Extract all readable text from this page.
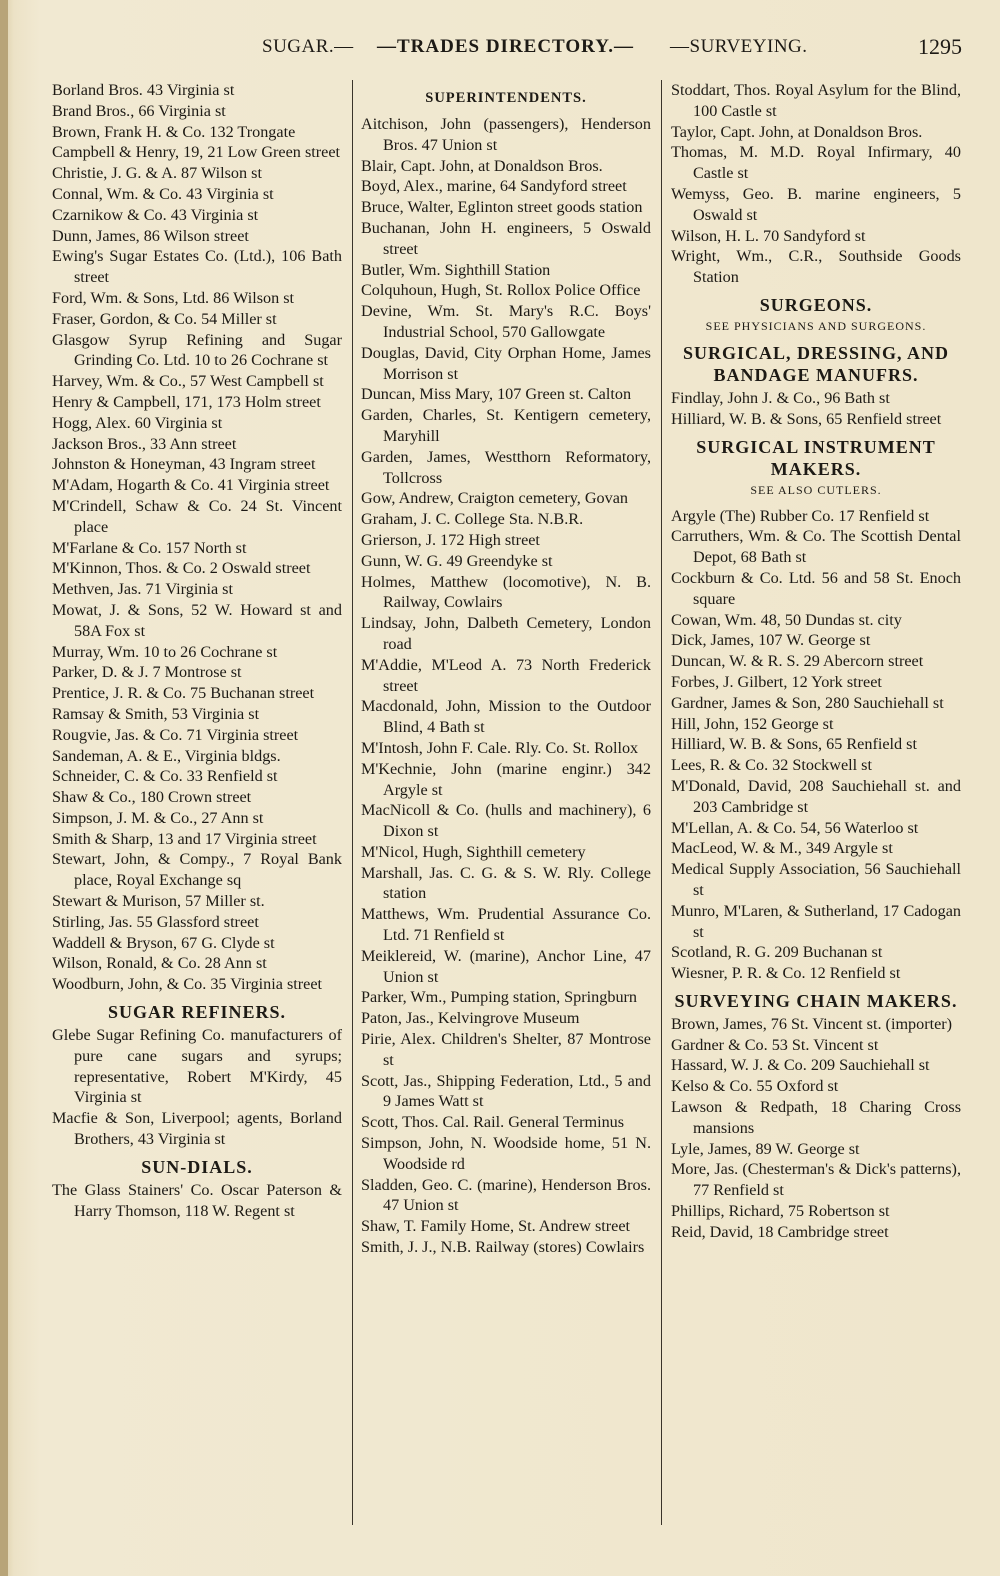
SUGAR.— —TRADES DIRECTORY.— —SURVEYING.	1295

Borland Bros. 43 Virginia st

Brand Bros., 66 Virginia st

Brown, Frank H. & Co. 132 Trongate

Campbell & Henry, 19, 21 Low Green street

Christie, J. G. & A. 87 Wilson st

Connal, Wm. & Co. 43 Virginia st

Czarnikow & Co. 43 Virginia st

Dunn, James, 86 Wilson street

Ewing's Sugar Estates Co. (Ltd.), 106 Bath street

Ford, Wm. & Sons, Ltd. 86 Wilson st

Fraser, Gordon, & Co. 54 Miller st

Glasgow Syrup Refining and Sugar Grinding Co. Ltd. 10 to 26 Cochrane st

Harvey, Wm. & Co., 57 West Campbell st

Henry & Campbell, 171, 173 Holm street

Hogg, Alex. 60 Virginia st

Jackson Bros., 33 Ann street

Johnston & Honeyman, 43 Ingram street

M'Adam, Hogarth & Co. 41 Virginia street

M'Crindell, Schaw & Co. 24 St. Vincent place

M'Farlane & Co. 157 North st

M'Kinnon, Thos. & Co. 2 Oswald street

Methven, Jas. 71 Virginia st

Mowat, J. & Sons, 52 W. Howard st and 58A Fox st

Murray, Wm. 10 to 26 Cochrane st

Parker, D. & J. 7 Montrose st

Prentice, J. R. & Co. 75 Buchanan street

Ramsay & Smith, 53 Virginia st

Rougvie, Jas. & Co. 71 Virginia street

Sandeman, A. & E., Virginia bldgs.

Schneider, C. & Co. 33 Renfield st

Shaw & Co., 180 Crown street

Simpson, J. M. & Co., 27 Ann st

Smith & Sharp, 13 and 17 Virginia street

Stewart, John, & Compy., 7 Royal Bank place, Royal Exchange sq

Stewart & Murison, 57 Miller st.

Stirling, Jas. 55 Glassford street

Waddell & Bryson, 67 G. Clyde st

Wilson, Ronald, & Co. 28 Ann st

Woodburn, John, & Co. 35 Virginia street

SUGAR REFINERS.

Glebe Sugar Refining Co. manufacturers of pure cane sugars and syrups; representative, Robert M'Kirdy, 45 Virginia st

Macfie & Son, Liverpool; agents, Borland Brothers, 43 Virginia st

SUN-DIALS.

The Glass Stainers' Co. Oscar Paterson & Harry Thomson, 118 W. Regent st

SUPERINTENDENTS.

Aitchison, John (passengers), Henderson Bros. 47 Union st

Blair, Capt. John, at Donaldson Bros.

Boyd, Alex., marine, 64 Sandyford street

Bruce, Walter, Eglinton street goods station

Buchanan, John H. engineers, 5 Oswald street

Butler, Wm. Sighthill Station

Colquhoun, Hugh, St. Rollox Police Office

Devine, Wm. St. Mary's R.C. Boys' Industrial School, 570 Gallowgate

Douglas, David, City Orphan Home, James Morrison st

Duncan, Miss Mary, 107 Green st. Calton

Garden, Charles, St. Kentigern cemetery, Maryhill

Garden, James, Westthorn Reformatory, Tollcross

Gow, Andrew, Craigton cemetery, Govan

Graham, J. C. College Sta. N.B.R.

Grierson, J. 172 High street

Gunn, W. G. 49 Greendyke st

Holmes, Matthew (locomotive), N. B. Railway, Cowlairs

Lindsay, John, Dalbeth Cemetery, London road

M'Addie, M'Leod A. 73 North Frederick street

Macdonald, John, Mission to the Outdoor Blind, 4 Bath st

M'Intosh, John F. Cale. Rly. Co. St. Rollox

M'Kechnie, John (marine enginr.) 342 Argyle st

MacNicoll & Co. (hulls and machinery), 6 Dixon st

M'Nicol, Hugh, Sighthill cemetery

Marshall, Jas. C. G. & S. W. Rly. College station

Matthews, Wm. Prudential Assurance Co. Ltd. 71 Renfield st

Meiklereid, W. (marine), Anchor Line, 47 Union st

Parker, Wm., Pumping station, Springburn

Paton, Jas., Kelvingrove Museum

Pirie, Alex. Children's Shelter, 87 Montrose st

Scott, Jas., Shipping Federation, Ltd., 5 and 9 James Watt st

Scott, Thos. Cal. Rail. General Terminus

Simpson, John, N. Woodside home, 51 N. Woodside rd

Sladden, Geo. C. (marine), Henderson Bros. 47 Union st

Shaw, T. Family Home, St. Andrew street

Smith, J. J., N.B. Railway (stores) Cowlairs

Stoddart, Thos. Royal Asylum for the Blind, 100 Castle st

Taylor, Capt. John, at Donaldson Bros.

Thomas, M. M.D. Royal Infirmary, 40 Castle st

Wemyss, Geo. B. marine engineers, 5 Oswald st

Wilson, H. L. 70 Sandyford st

Wright, Wm., C.R., Southside Goods Station

SURGEONS.

SEE PHYSICIANS AND SURGEONS.

SURGICAL, DRESSING, AND BANDAGE MANUFRS.

Findlay, John J. & Co., 96 Bath st

Hilliard, W. B. & Sons, 65 Renfield street

SURGICAL INSTRUMENT MAKERS.

SEE ALSO CUTLERS.

Argyle (The) Rubber Co. 17 Renfield st

Carruthers, Wm. & Co. The Scottish Dental Depot, 68 Bath st

Cockburn & Co. Ltd. 56 and 58 St. Enoch square

Cowan, Wm. 48, 50 Dundas st. city

Dick, James, 107 W. George st

Duncan, W. & R. S. 29 Abercorn street

Forbes, J. Gilbert, 12 York street

Gardner, James & Son, 280 Sauchiehall st

Hill, John, 152 George st

Hilliard, W. B. & Sons, 65 Renfield st

Lees, R. & Co. 32 Stockwell st

M'Donald, David, 208 Sauchiehall st. and 203 Cambridge st

M'Lellan, A. & Co. 54, 56 Waterloo st

MacLeod, W. & M., 349 Argyle st

Medical Supply Association, 56 Sauchiehall st

Munro, M'Laren, & Sutherland, 17 Cadogan st

Scotland, R. G. 209 Buchanan st

Wiesner, P. R. & Co. 12 Renfield st

SURVEYING CHAIN MAKERS.

Brown, James, 76 St. Vincent st. (importer)

Gardner & Co. 53 St. Vincent st

Hassard, W. J. & Co. 209 Sauchiehall st

Kelso & Co. 55 Oxford st

Lawson & Redpath, 18 Charing Cross mansions

Lyle, James, 89 W. George st

More, Jas. (Chesterman's & Dick's patterns), 77 Renfield st

Phillips, Richard, 75 Robertson st

Reid, David, 18 Cambridge street
